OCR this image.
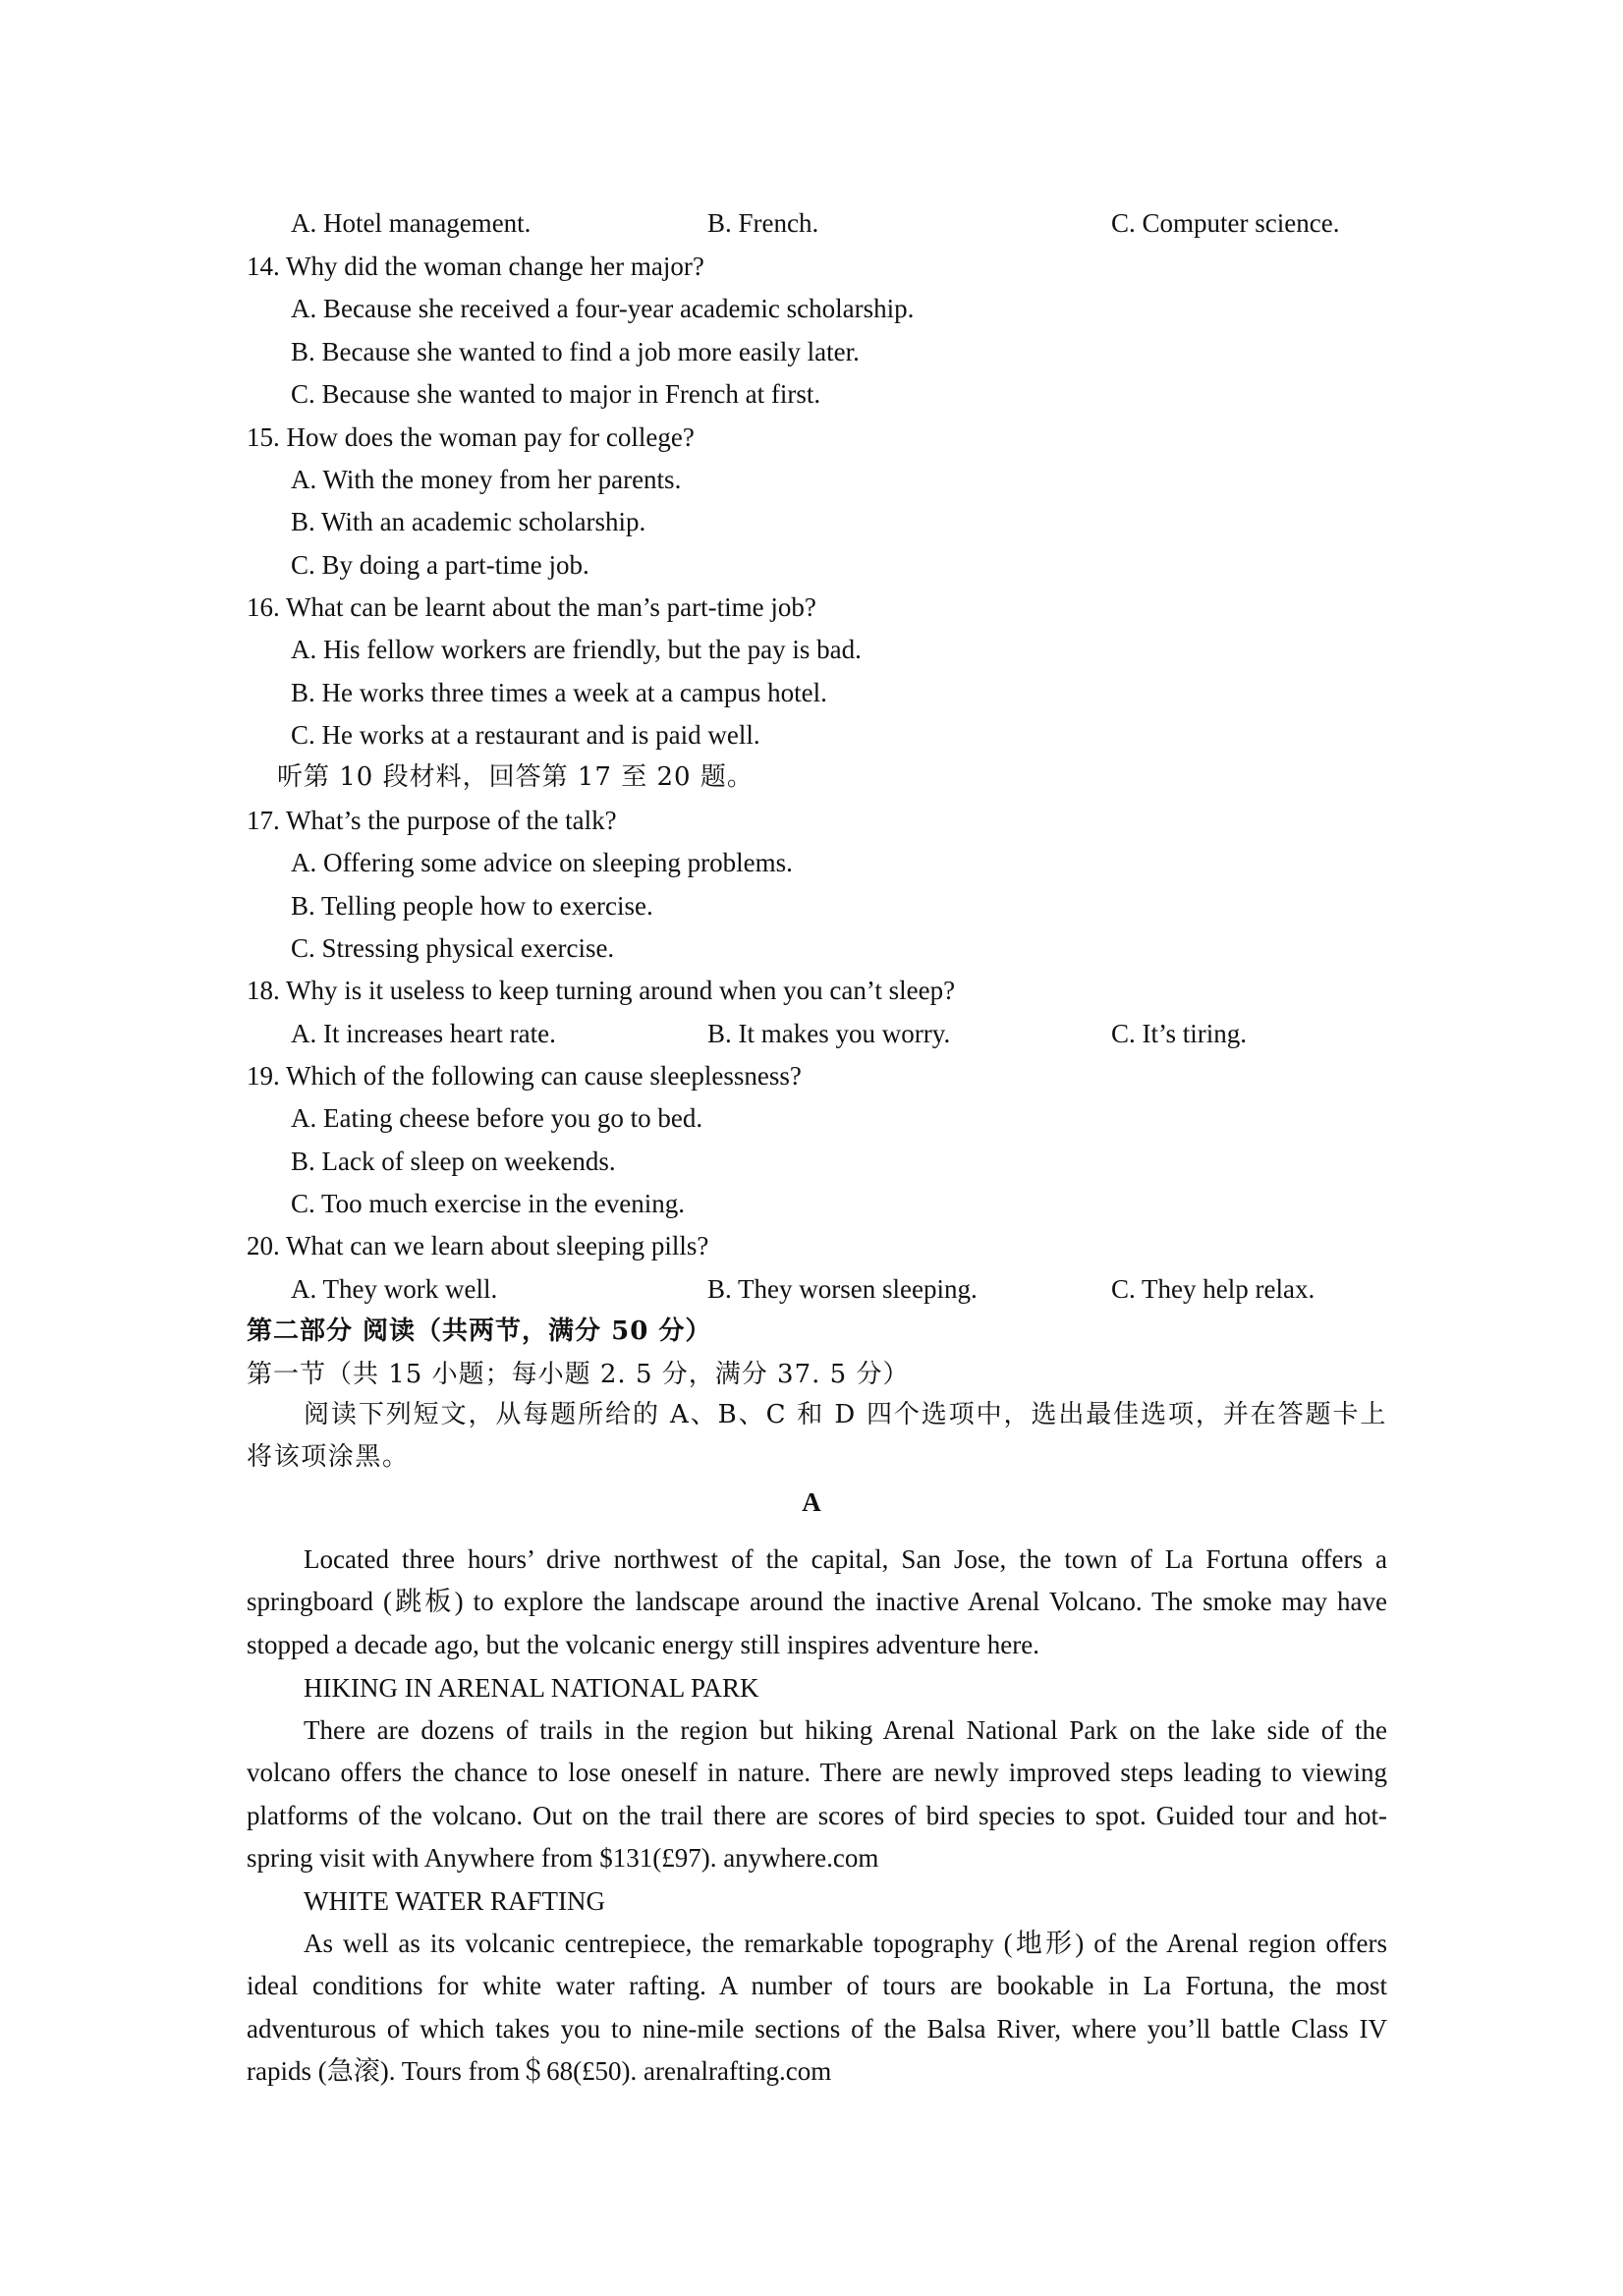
A. Hotel management.	B. French.	C. Computer science.
14. Why did the woman change her major?
A. Because she received a four-year academic scholarship.
B. Because she wanted to find a job more easily later.
C. Because she wanted to major in French at first.
15. How does the woman pay for college?
A. With the money from her parents.
B. With an academic scholarship.
C. By doing a part-time job.
16. What can be learnt about the man’s part-time job?
A. His fellow workers are friendly, but the pay is bad.
B. He works three times a week at a campus hotel.
C. He works at a restaurant and is paid well.
听第 10 段材料，回答第 17 至 20 题。
17. What’s the purpose of the talk?
A. Offering some advice on sleeping problems.
B. Telling people how to exercise.
C. Stressing physical exercise.
18. Why is it useless to keep turning around when you can’t sleep?
A. It increases heart rate.	B. It makes you worry.	C. It’s tiring.
19. Which of the following can cause sleeplessness?
A. Eating cheese before you go to bed.
B. Lack of sleep on weekends.
C. Too much exercise in the evening.
20. What can we learn about sleeping pills?
A. They work well.	B. They worsen sleeping.	C. They help relax.
第二部分 阅读（共两节，满分 50 分）
第一节（共 15 小题；每小题 2. 5 分，满分 37. 5 分）
阅读下列短文，从每题所给的 A、B、C 和 D 四个选项中，选出最佳选项，并在答题卡上将该项涂黑。
A
Located three hours’ drive northwest of the capital, San Jose, the town of La Fortuna offers a springboard (跳板) to explore the landscape around the inactive Arenal Volcano. The smoke may have stopped a decade ago, but the volcanic energy still inspires adventure here.
HIKING IN ARENAL NATIONAL PARK
There are dozens of trails in the region but hiking Arenal National Park on the lake side of the volcano offers the chance to lose oneself in nature. There are newly improved steps leading to viewing platforms of the volcano. Out on the trail there are scores of bird species to spot. Guided tour and hot-spring visit with Anywhere from $131(£97). anywhere.com
WHITE WATER RAFTING
As well as its volcanic centrepiece, the remarkable topography (地形) of the Arenal region offers ideal conditions for white water rafting. A number of tours are bookable in La Fortuna, the most adventurous of which takes you to nine-mile sections of the Balsa River, where you’ll battle Class IV rapids (急滚). Tours from＄68(£50). arenalrafting.com
